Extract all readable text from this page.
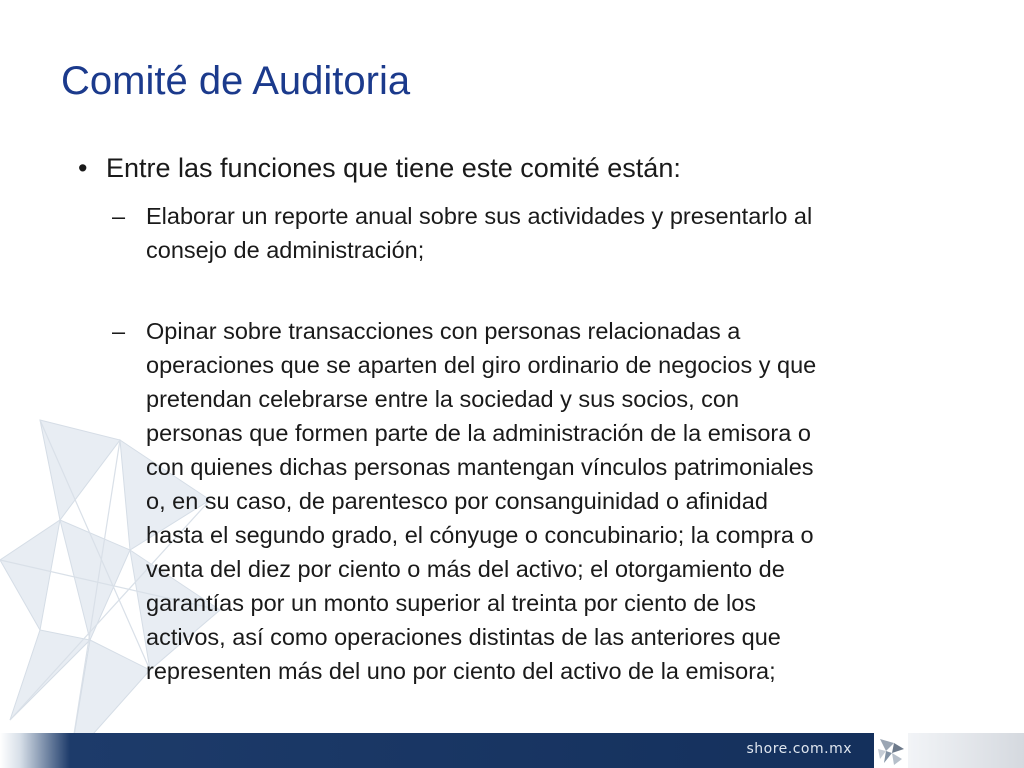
Comité de Auditoria
• Entre las funciones que tiene este comité están:
– Elaborar un reporte anual sobre sus actividades y presentarlo al
consejo de administración;
– Opinar sobre transacciones con personas relacionadas a
operaciones que se aparten del giro ordinario de negocios y que
pretendan celebrarse entre la sociedad y sus socios, con
personas que formen parte de la administración de la emisora o
con quienes dichas personas mantengan vínculos patrimoniales
o, en su caso, de parentesco por consanguinidad o afinidad
hasta el segundo grado, el cónyuge o concubinario; la compra o
venta del diez por ciento o más del activo; el otorgamiento de
garantías por un monto superior al treinta por ciento de los
activos, así como operaciones distintas de las anteriores que
representen más del uno por ciento del activo de la emisora;
shore.com.mx
